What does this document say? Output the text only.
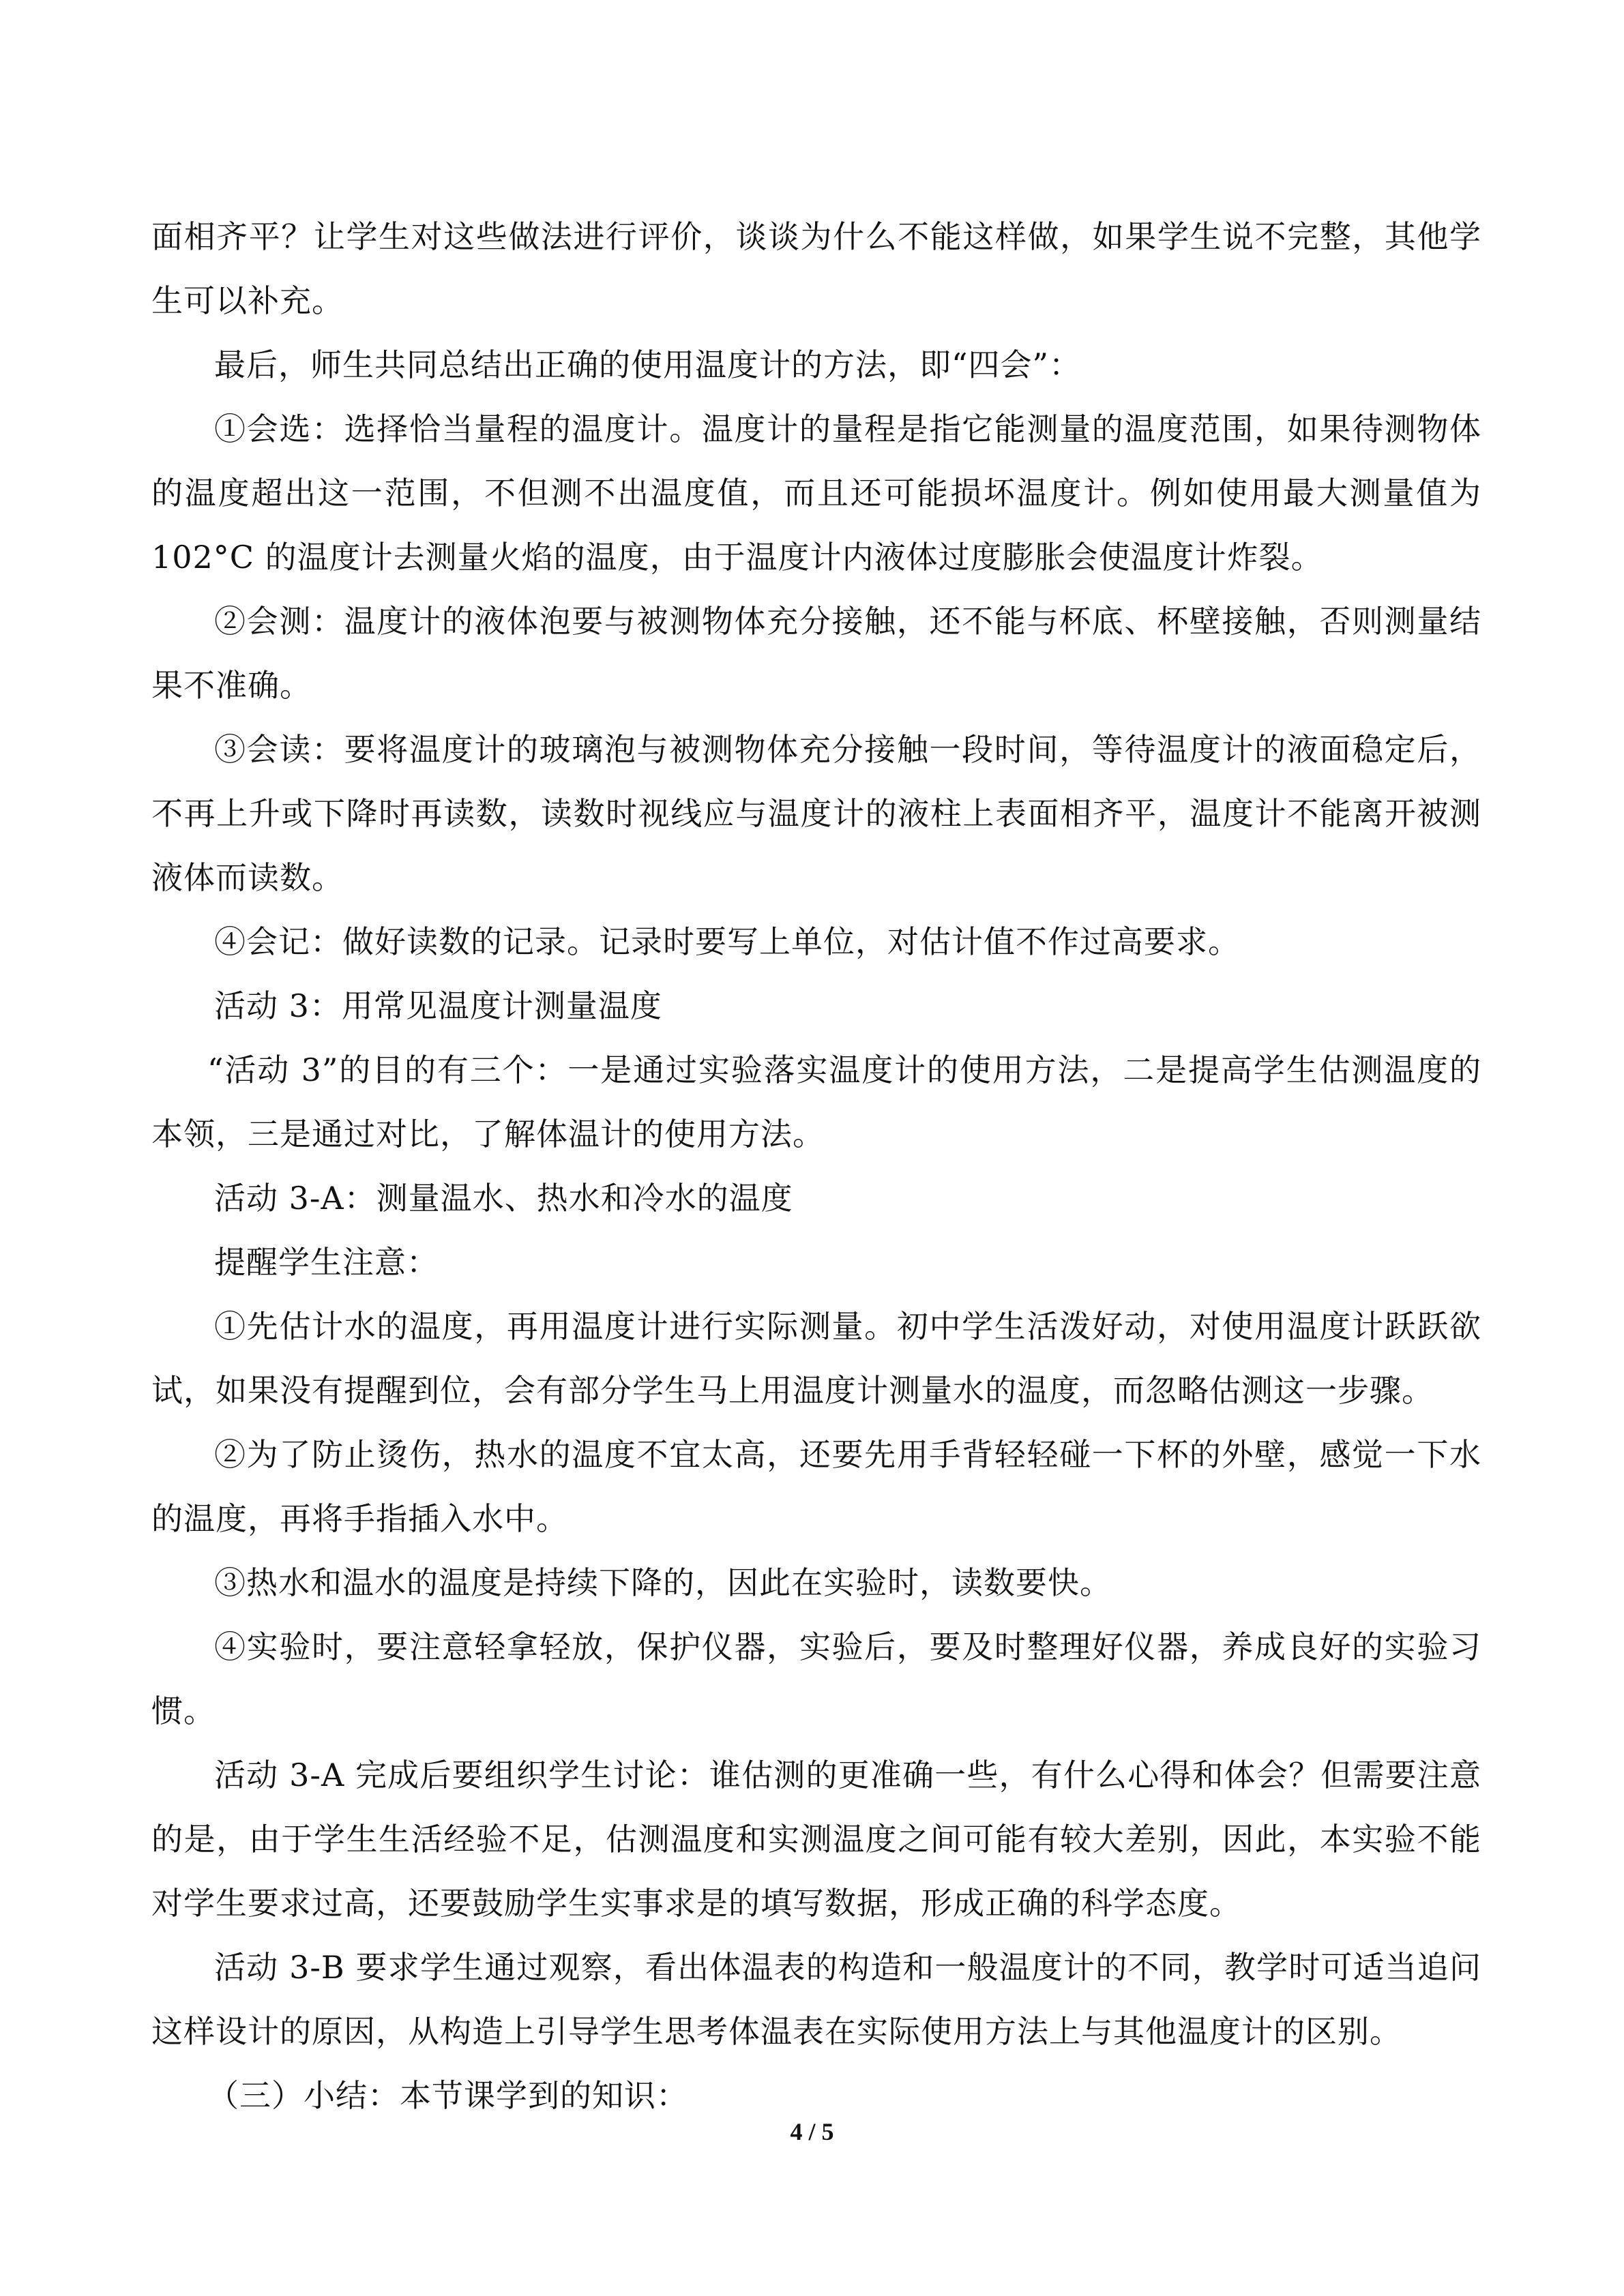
面相齐平？让学生对这些做法进行评价，谈谈为什么不能这样做，如果学生说不完整，其他学生可以补充。

最后，师生共同总结出正确的使用温度计的方法，即“四会”：

①会选：选择恰当量程的温度计。温度计的量程是指它能测量的温度范围，如果待测物体的温度超出这一范围，不但测不出温度值，而且还可能损坏温度计。例如使用最大测量值为 102°C 的温度计去测量火焰的温度，由于温度计内液体过度膨胀会使温度计炸裂。

②会测：温度计的液体泡要与被测物体充分接触，还不能与杯底、杯壁接触，否则测量结果不准确。

③会读：要将温度计的玻璃泡与被测物体充分接触一段时间，等待温度计的液面稳定后，不再上升或下降时再读数，读数时视线应与温度计的液柱上表面相齐平，温度计不能离开被测液体而读数。

④会记：做好读数的记录。记录时要写上单位，对估计值不作过高要求。

活动 3：用常见温度计测量温度

“活动 3”的目的有三个：一是通过实验落实温度计的使用方法，二是提高学生估测温度的本领，三是通过对比，了解体温计的使用方法。

活动 3-A：测量温水、热水和冷水的温度

提醒学生注意：

①先估计水的温度，再用温度计进行实际测量。初中学生活泼好动，对使用温度计跃跃欲试，如果没有提醒到位，会有部分学生马上用温度计测量水的温度，而忽略估测这一步骤。

②为了防止烫伤，热水的温度不宜太高，还要先用手背轻轻碰一下杯的外壁，感觉一下水的温度，再将手指插入水中。

③热水和温水的温度是持续下降的，因此在实验时，读数要快。

④实验时，要注意轻拿轻放，保护仪器，实验后，要及时整理好仪器，养成良好的实验习惯。

活动 3-A 完成后要组织学生讨论：谁估测的更准确一些，有什么心得和体会？但需要注意的是，由于学生生活经验不足，估测温度和实测温度之间可能有较大差别，因此，本实验不能对学生要求过高，还要鼓励学生实事求是的填写数据，形成正确的科学态度。

活动 3-B 要求学生通过观察，看出体温表的构造和一般温度计的不同，教学时可适当追问这样设计的原因，从构造上引导学生思考体温表在实际使用方法上与其他温度计的区别。

（三）小结：本节课学到的知识：

4 / 5
